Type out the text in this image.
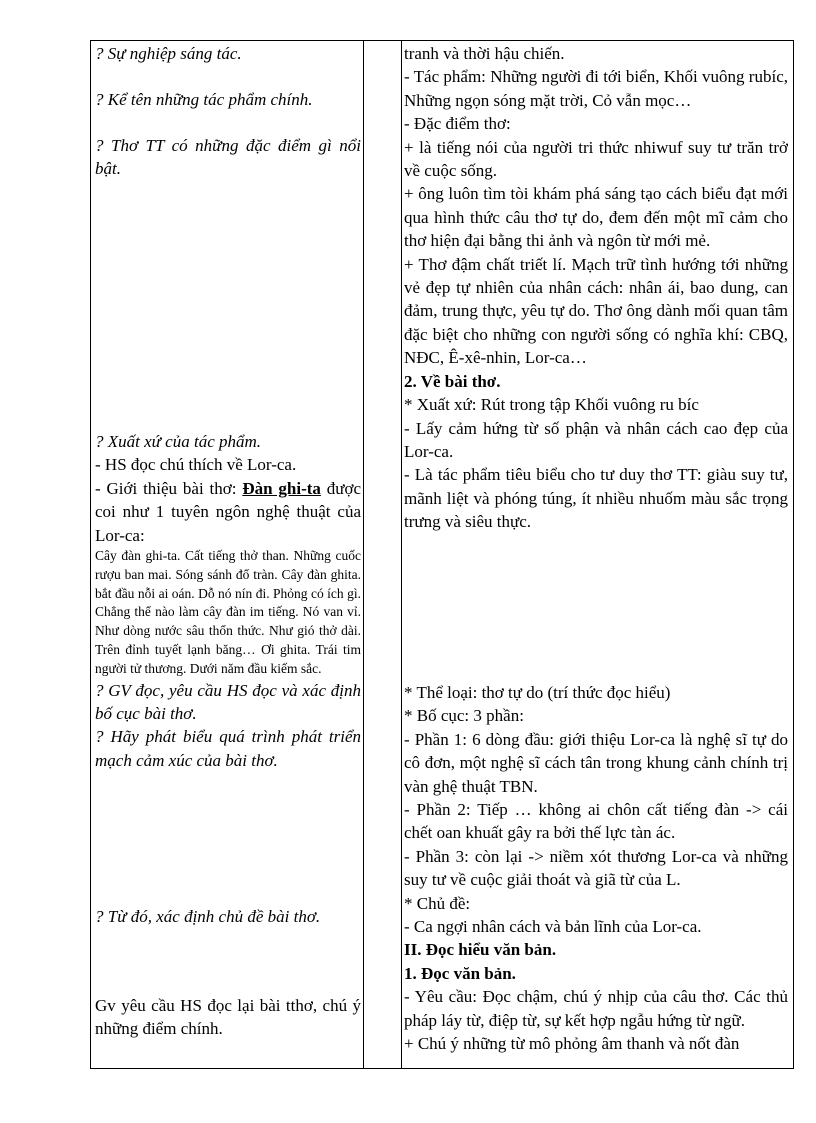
? Sự nghiệp sáng tác.

? Kể tên những tác phẩm chính.

? Thơ TT có những đặc điểm gì nổi bật.

? Xuất xứ của tác phẩm.

- HS đọc chú thích về Lor-ca.

- Giới thiệu bài thơ: Đàn ghi-ta được coi như 1 tuyên ngôn nghệ thuật của Lor-ca:

Cây đàn ghi-ta. Cất tiếng thở than. Những cuốc rượu ban mai. Sóng sánh đổ tràn. Cây đàn ghita. bắt đầu nỗi ai oán. Dỗ nó nín đi. Phỏng có ích gì. Chẳng thể nào làm cây đàn im tiếng. Nó van vỉ. Như dòng nước sâu thổn thức. Như gió thở dài. Trên đỉnh tuyết lạnh băng… Ơi ghita. Trái tim người tử thương. Dưới năm đầu kiếm sắc.

? GV đọc, yêu cầu HS đọc và xác định bố cục bài thơ.

? Hãy phát biểu quá trình phát triển mạch cảm xúc của bài thơ.

? Từ đó, xác định chủ đề bài thơ.

Gv yêu cầu HS đọc lại bài tthơ, chú ý những điểm chính.

tranh và thời hậu chiến.

- Tác phẩm: Những người đi tới biển, Khối vuông rubíc, Những ngọn sóng mặt trời, Cỏ vẫn mọc…

- Đặc điểm thơ:

+ là tiếng nói của người tri thức nhiwuf suy tư trăn trở về cuộc sống.

+ ông luôn tìm tòi khám phá sáng tạo cách biểu đạt mới qua hình thức câu thơ tự do, đem đến một mĩ cảm cho thơ hiện đại bằng thi ảnh và ngôn từ mới mẻ.

+ Thơ đậm chất triết lí. Mạch trữ tình hướng tới những vẻ đẹp tự nhiên của nhân cách: nhân ái, bao dung, can đảm, trung thực, yêu tự do. Thơ ông dành mối quan tâm đặc biệt cho những con người sống có nghĩa khí: CBQ, NĐC, Ê-xê-nhin, Lor-ca…

2. Về bài thơ.

* Xuất xứ: Rút trong tập Khối vuông ru bíc

- Lấy cảm hứng từ số phận và nhân cách cao đẹp của Lor-ca.

- Là tác phẩm tiêu biểu cho tư duy thơ TT: giàu suy tư, mãnh liệt và phóng túng, ít nhiều nhuốm màu sắc trọng trưng và siêu thực.

* Thể loại: thơ tự do (trí thức đọc hiểu)

* Bố cục: 3 phần:

- Phần 1: 6 dòng đầu: giới thiệu Lor-ca là nghệ sĩ tự do cô đơn, một nghệ sĩ cách tân trong khung cảnh chính trị vàn ghệ thuật TBN.

- Phần 2: Tiếp … không ai chôn cất tiếng đàn -> cái chết oan khuất gây ra bởi thế lực tàn ác.

- Phần 3: còn lại -> niềm xót thương Lor-ca và những suy tư về cuộc giải thoát và giã từ của L.

* Chủ đề:

- Ca ngợi nhân cách và bản lĩnh của Lor-ca.

II. Đọc hiểu văn bản.

1. Đọc văn bản.

- Yêu cầu: Đọc chậm, chú ý nhịp của câu thơ. Các thủ pháp láy từ, điệp từ, sự kết hợp ngẫu hứng từ ngữ.

+ Chú ý những từ mô phỏng âm thanh và nốt đàn
